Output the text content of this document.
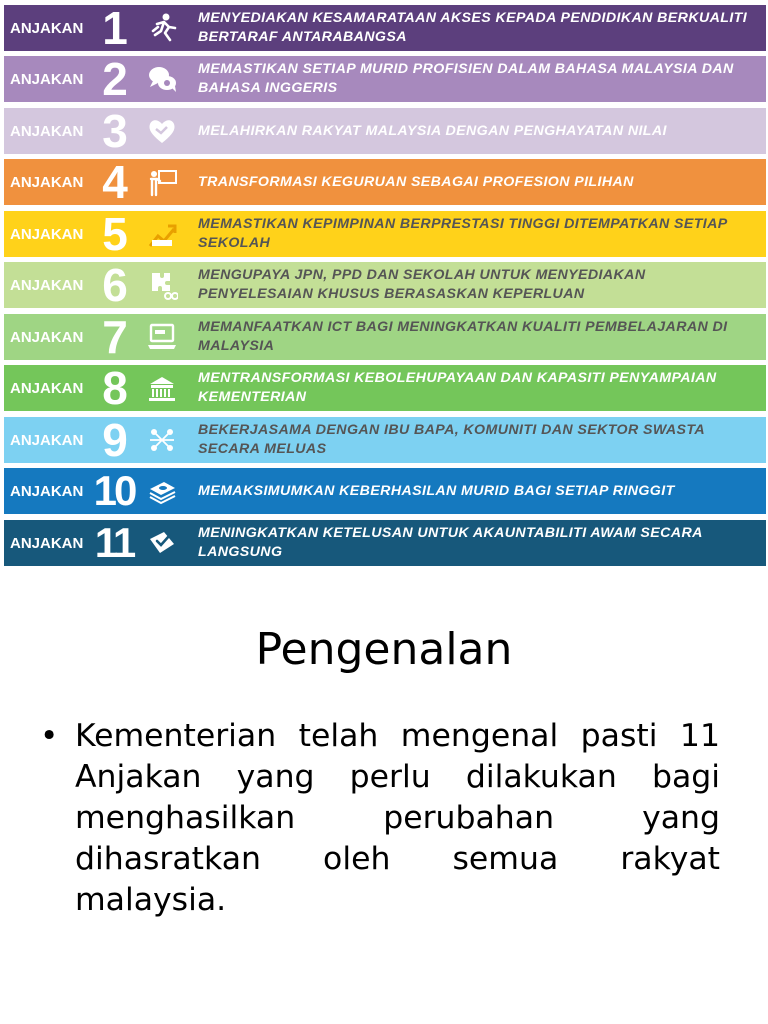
ANJAKAN 1	MENYEDIAKAN KESAMARATAAN AKSES KEPADA PENDIDIKAN BERKUALITI BERTARAF ANTARABANGSA
ANJAKAN 2	MEMASTIKAN SETIAP MURID PROFISIEN DALAM BAHASA MALAYSIA DAN BAHASA INGGERIS
ANJAKAN 3	MELAHIRKAN RAKYAT MALAYSIA DENGAN PENGHAYATAN NILAI
ANJAKAN 4	TRANSFORMASI KEGURUAN SEBAGAI PROFESION PILIHAN
ANJAKAN 5	MEMASTIKAN KEPIMPINAN BERPRESTASI TINGGI DITEMPATKAN SETIAP SEKOLAH
ANJAKAN 6	MENGUPAYA JPN, PPD DAN SEKOLAH UNTUK MENYEDIAKAN PENYELESAIAN KHUSUS BERASASKAN KEPERLUAN
ANJAKAN 7	MEMANFAATKAN ICT BAGI MENINGKATKAN KUALITI PEMBELAJARAN DI MALAYSIA
ANJAKAN 8	MENTRANSFORMASI KEBOLEHUPAYAAN DAN KAPASITI PENYAMPAIAN KEMENTERIAN
ANJAKAN 9	BEKERJASAMA DENGAN IBU BAPA, KOMUNITI DAN SEKTOR SWASTA SECARA MELUAS
ANJAKAN 10	MEMAKSIMUMKAN KEBERHASILAN MURID BAGI SETIAP RINGGIT
ANJAKAN 11	MENINGKATKAN KETELUSAN UNTUK AKAUNTABILITI AWAM SECARA LANGSUNG
Pengenalan
• Kementerian telah mengenal pasti 11 Anjakan yang perlu dilakukan bagi menghasilkan perubahan yang dihasratkan oleh semua rakyat malaysia.
